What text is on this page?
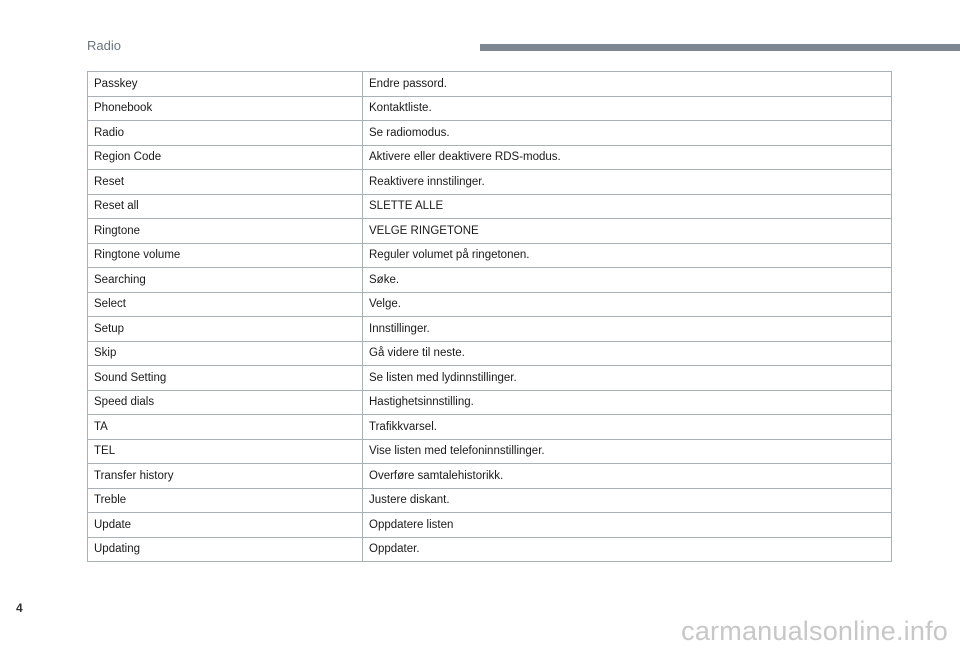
Radio
Passkey	Endre passord.
Phonebook	Kontaktliste.
Radio	Se radiomodus.
Region Code	Aktivere eller deaktivere RDS-modus.
Reset	Reaktivere innstilinger.
Reset all	SLETTE ALLE
Ringtone	VELGE RINGETONE
Ringtone volume	Reguler volumet på ringetonen.
Searching	Søke.
Select	Velge.
Setup	Innstillinger.
Skip	Gå videre til neste.
Sound Setting	Se listen med lydinnstillinger.
Speed dials	Hastighetsinnstilling.
TA	Trafikkvarsel.
TEL	Vise listen med telefoninnstillinger.
Transfer history	Overføre samtalehistorikk.
Treble	Justere diskant.
Update	Oppdatere listen
Updating	Oppdater.
4
carmanualsonline.info
